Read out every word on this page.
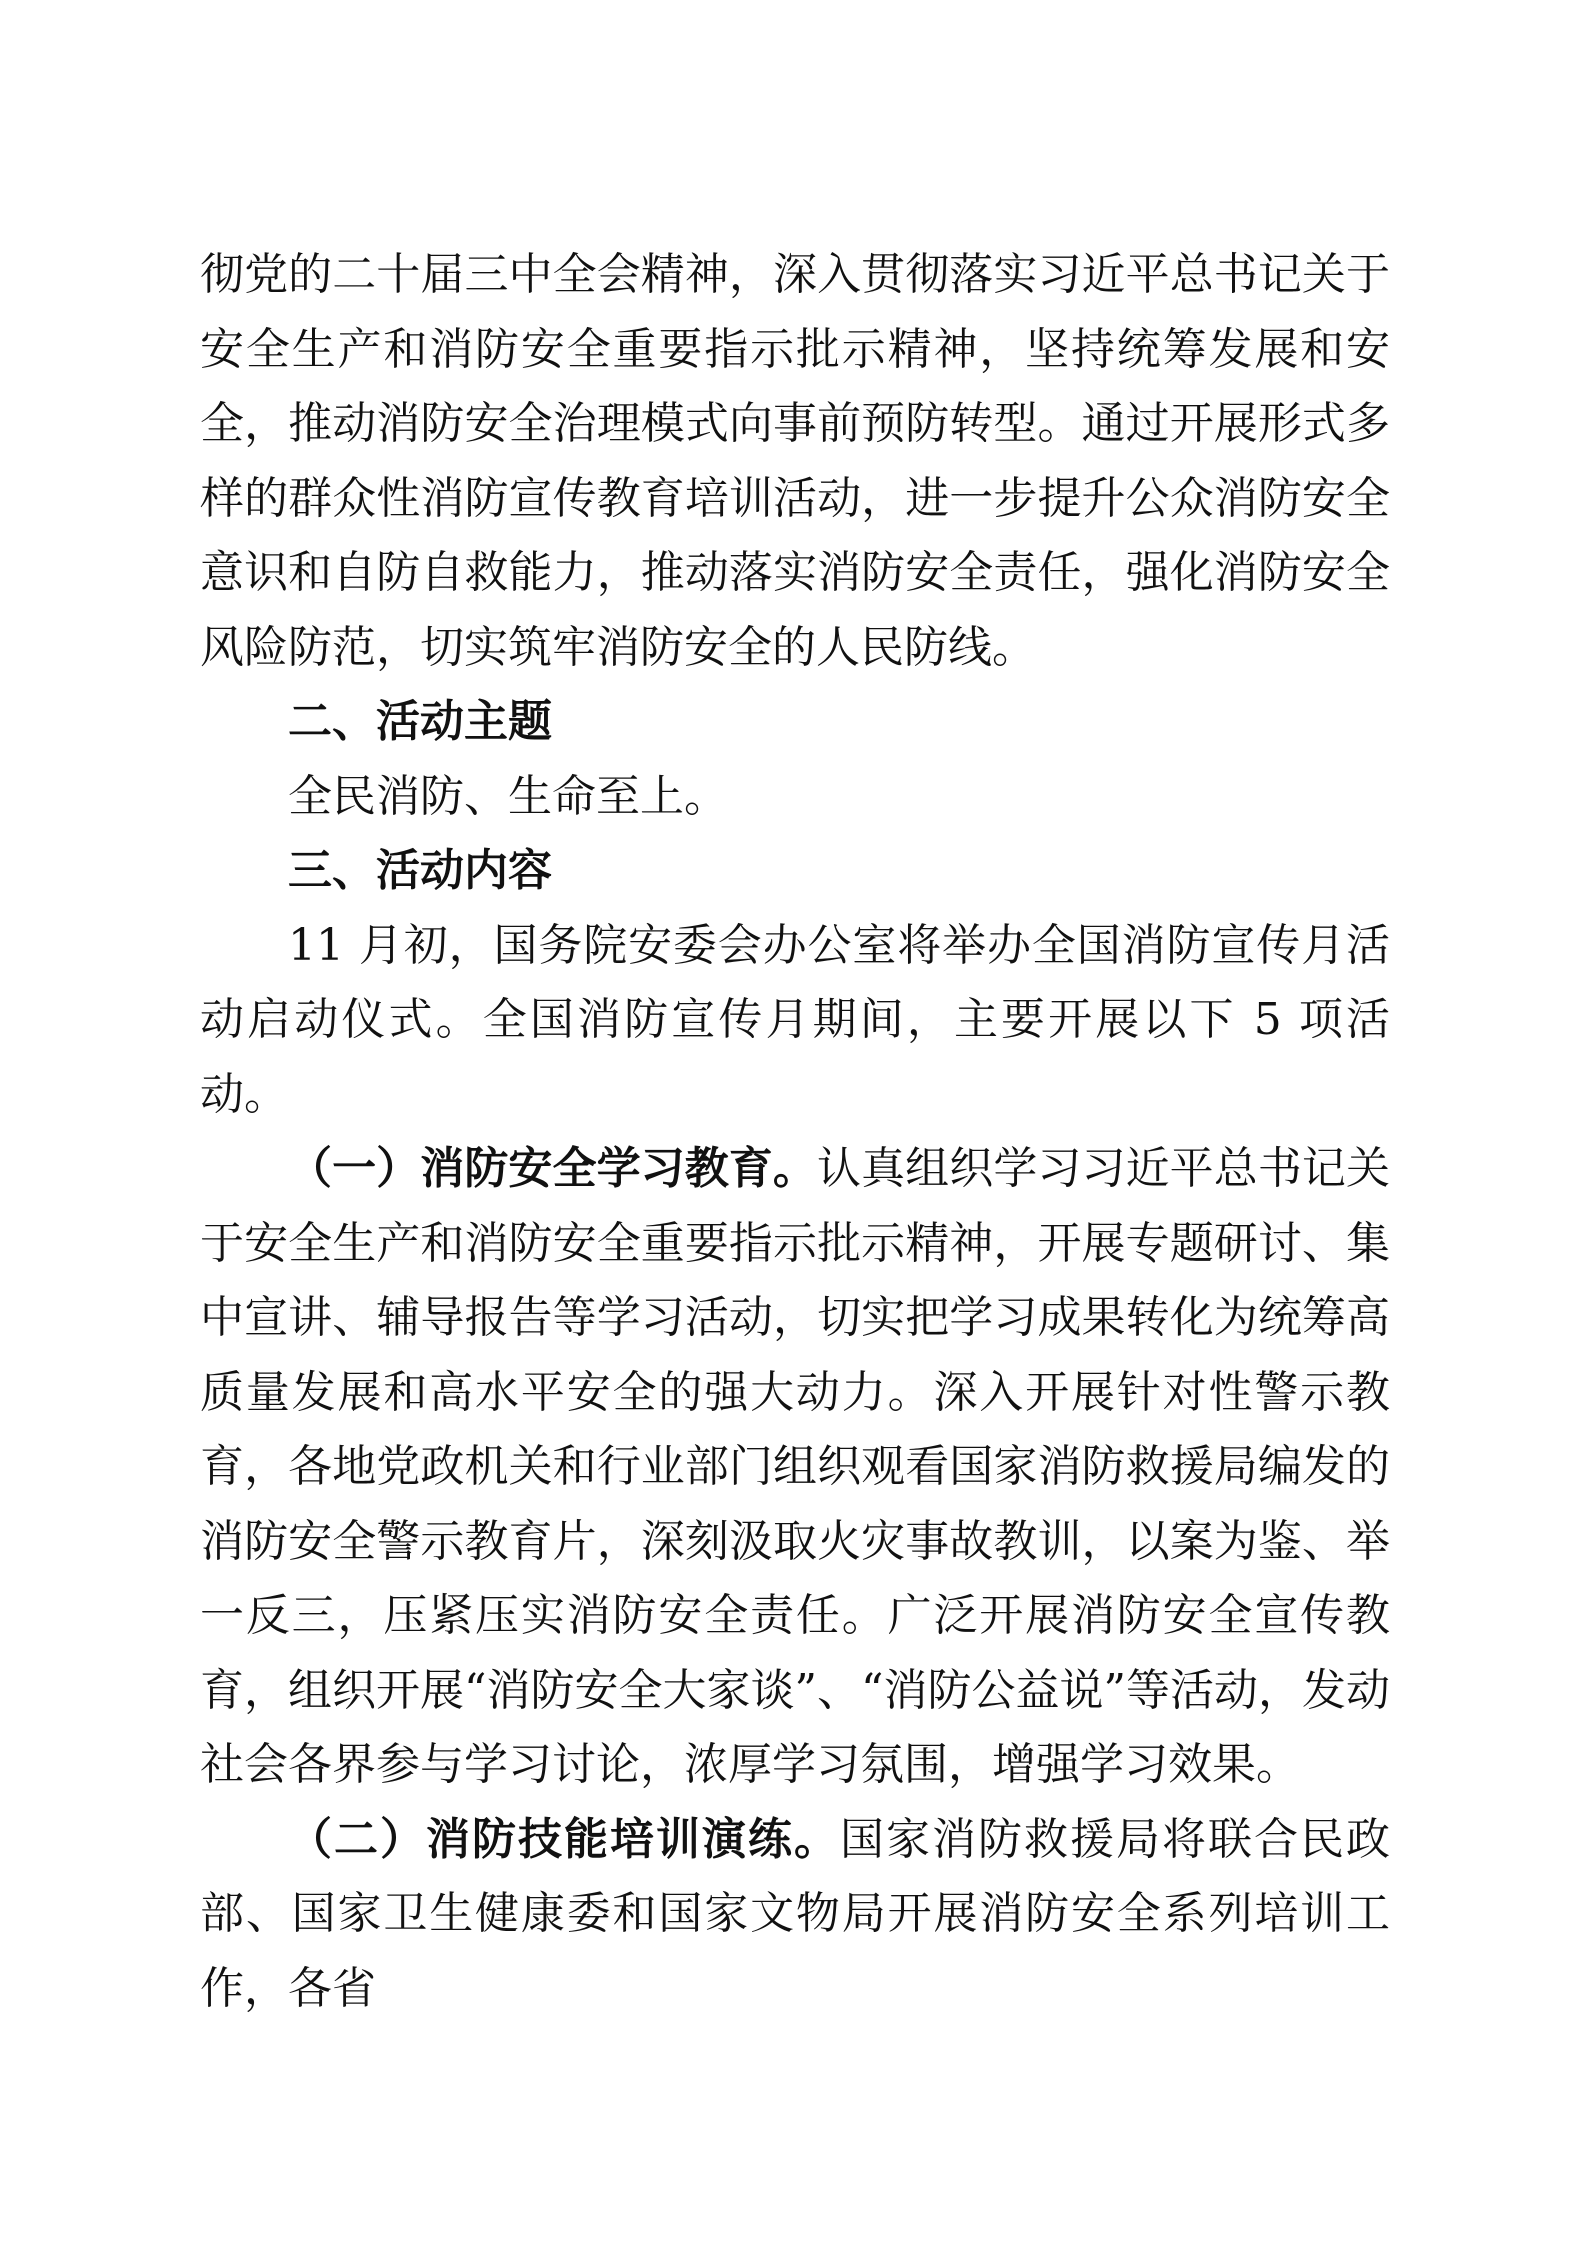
彻党的二十届三中全会精神，深入贯彻落实习近平总书记关于安全生产和消防安全重要指示批示精神，坚持统筹发展和安全，推动消防安全治理模式向事前预防转型。通过开展形式多样的群众性消防宣传教育培训活动，进一步提升公众消防安全意识和自防自救能力，推动落实消防安全责任，强化消防安全风险防范，切实筑牢消防安全的人民防线。

二、活动主题

全民消防、生命至上。

三、活动内容

11 月初，国务院安委会办公室将举办全国消防宣传月活动启动仪式。全国消防宣传月期间，主要开展以下 5 项活动。

（一）消防安全学习教育。认真组织学习习近平总书记关于安全生产和消防安全重要指示批示精神，开展专题研讨、集中宣讲、辅导报告等学习活动，切实把学习成果转化为统筹高质量发展和高水平安全的强大动力。深入开展针对性警示教育，各地党政机关和行业部门组织观看国家消防救援局编发的消防安全警示教育片，深刻汲取火灾事故教训，以案为鉴、举一反三，压紧压实消防安全责任。广泛开展消防安全宣传教育，组织开展“消防安全大家谈”、“消防公益说”等活动，发动社会各界参与学习讨论，浓厚学习氛围，增强学习效果。

（二）消防技能培训演练。国家消防救援局将联合民政部、国家卫生健康委和国家文物局开展消防安全系列培训工作，各省
